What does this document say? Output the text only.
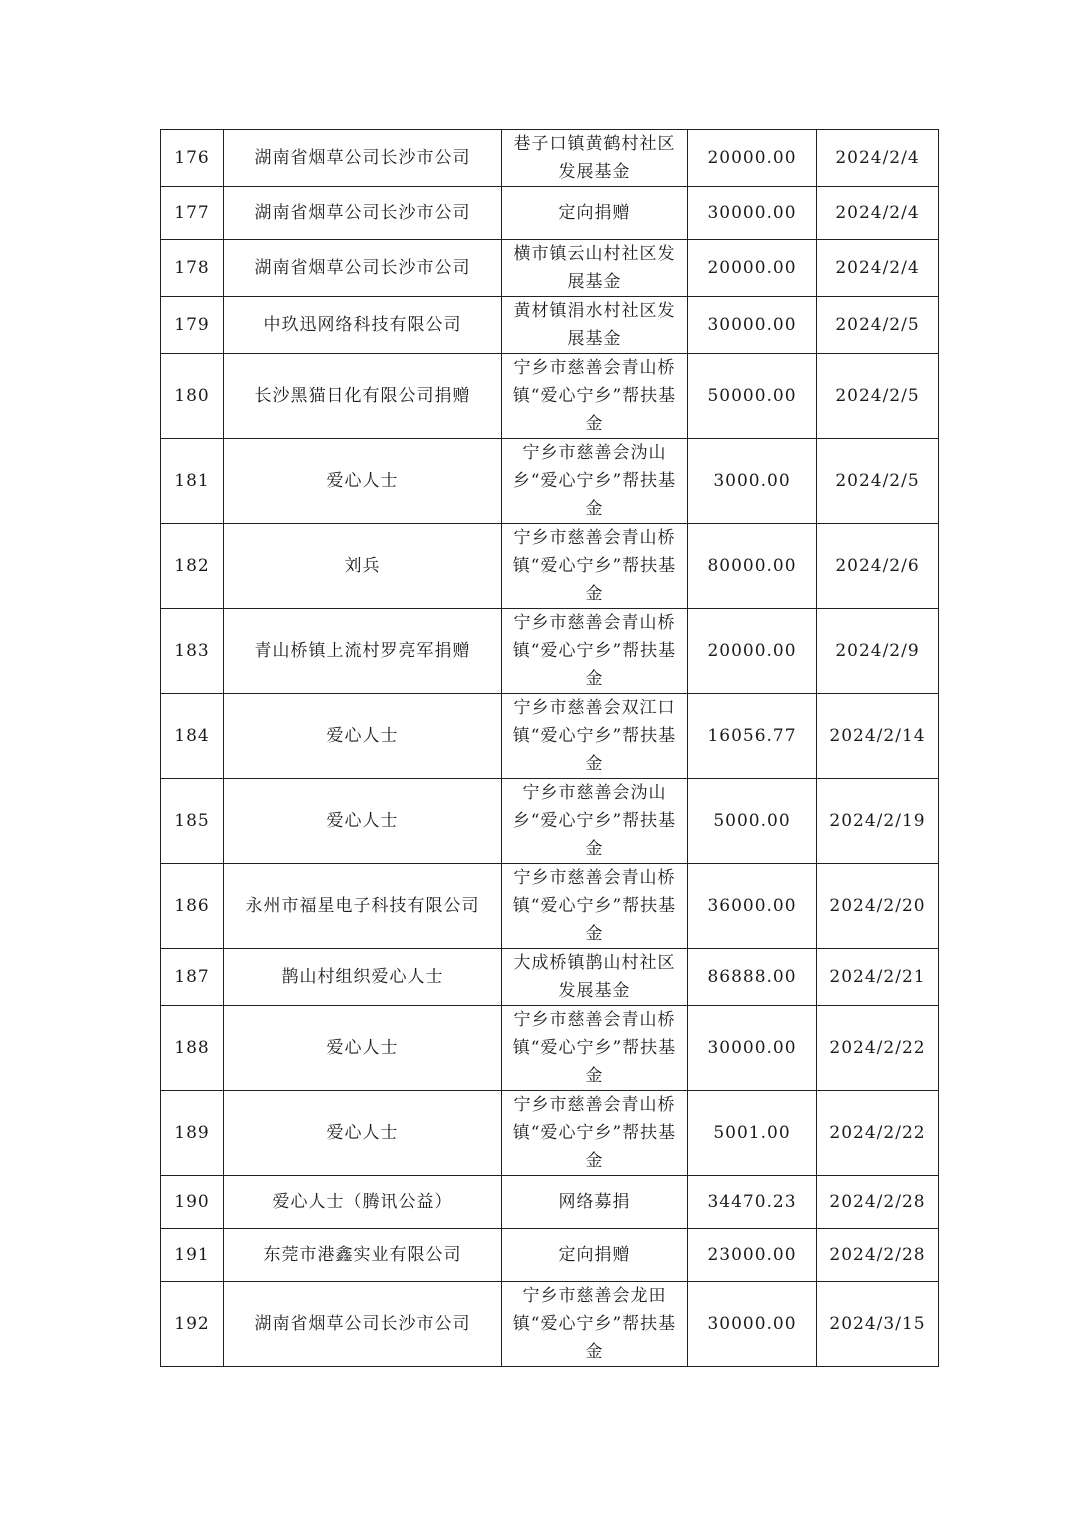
176	湖南省烟草公司长沙市公司	巷子口镇黄鹤村社区发展基金	20000.00	2024/2/4
177	湖南省烟草公司长沙市公司	定向捐赠	30000.00	2024/2/4
178	湖南省烟草公司长沙市公司	横市镇云山村社区发展基金	20000.00	2024/2/4
179	中玖迅网络科技有限公司	黄材镇涓水村社区发展基金	30000.00	2024/2/5
180	长沙黑猫日化有限公司捐赠	宁乡市慈善会青山桥镇“爱心宁乡”帮扶基金	50000.00	2024/2/5
181	爱心人士	宁乡市慈善会沩山乡“爱心宁乡”帮扶基金	3000.00	2024/2/5
182	刘兵	宁乡市慈善会青山桥镇“爱心宁乡”帮扶基金	80000.00	2024/2/6
183	青山桥镇上流村罗亮军捐赠	宁乡市慈善会青山桥镇“爱心宁乡”帮扶基金	20000.00	2024/2/9
184	爱心人士	宁乡市慈善会双江口镇“爱心宁乡”帮扶基金	16056.77	2024/2/14
185	爱心人士	宁乡市慈善会沩山乡“爱心宁乡”帮扶基金	5000.00	2024/2/19
186	永州市福星电子科技有限公司	宁乡市慈善会青山桥镇“爱心宁乡”帮扶基金	36000.00	2024/2/20
187	鹊山村组织爱心人士	大成桥镇鹊山村社区发展基金	86888.00	2024/2/21
188	爱心人士	宁乡市慈善会青山桥镇“爱心宁乡”帮扶基金	30000.00	2024/2/22
189	爱心人士	宁乡市慈善会青山桥镇“爱心宁乡”帮扶基金	5001.00	2024/2/22
190	爱心人士（腾讯公益）	网络募捐	34470.23	2024/2/28
191	东莞市港鑫实业有限公司	定向捐赠	23000.00	2024/2/28
192	湖南省烟草公司长沙市公司	宁乡市慈善会龙田镇“爱心宁乡”帮扶基金	30000.00	2024/3/15
